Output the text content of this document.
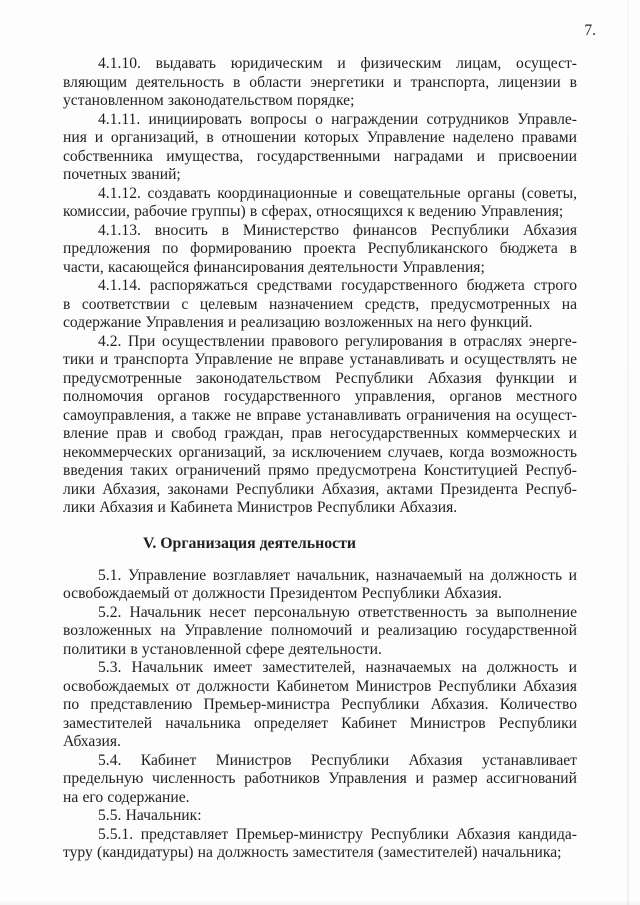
7.
4.1.10. выдавать юридическим и физическим лицам, осущест-
вляющим деятельность в области энергетики и транспорта, лицензии в
установленном законодательством порядке;
4.1.11. инициировать вопросы о награждении сотрудников Управле-
ния и организаций, в отношении которых Управление наделено правами
собственника имущества, государственными наградами и присвоении
почетных званий;
4.1.12. создавать координационные и совещательные органы (советы,
комиссии, рабочие группы) в сферах, относящихся к ведению Управления;
4.1.13. вносить в Министерство финансов Республики Абхазия
предложения по формированию проекта Республиканского бюджета в
части, касающейся финансирования деятельности Управления;
4.1.14. распоряжаться средствами государственного бюджета строго
в соответствии с целевым назначением средств, предусмотренных на
содержание Управления и реализацию возложенных на него функций.
4.2. При осуществлении правового регулирования в отраслях энерге-
тики и транспорта Управление не вправе устанавливать и осуществлять не
предусмотренные законодательством Республики Абхазия функции и
полномочия органов государственного управления, органов местного
самоуправления, а также не вправе устанавливать ограничения на осущест-
вление прав и свобод граждан, прав негосударственных коммерческих и
некоммерческих организаций, за исключением случаев, когда возможность
введения таких ограничений прямо предусмотрена Конституцией Респуб-
лики Абхазия, законами Республики Абхазия, актами Президента Респуб-
лики Абхазия и Кабинета Министров Республики Абхазия.
V. Организация деятельности
5.1. Управление возглавляет начальник, назначаемый на должность и
освобождаемый от должности Президентом Республики Абхазия.
5.2. Начальник несет персональную ответственность за выполнение
возложенных на Управление полномочий и реализацию государственной
политики в установленной сфере деятельности.
5.3. Начальник имеет заместителей, назначаемых на должность и
освобождаемых от должности Кабинетом Министров Республики Абхазия
по представлению Премьер-министра Республики Абхазия. Количество
заместителей начальника определяет Кабинет Министров Республики
Абхазия.
5.4. Кабинет Министров Республики Абхазия устанавливает
предельную численность работников Управления и размер ассигнований
на его содержание.
5.5. Начальник:
5.5.1. представляет Премьер-министру Республики Абхазия кандида-
туру (кандидатуры) на должность заместителя (заместителей) начальника;
